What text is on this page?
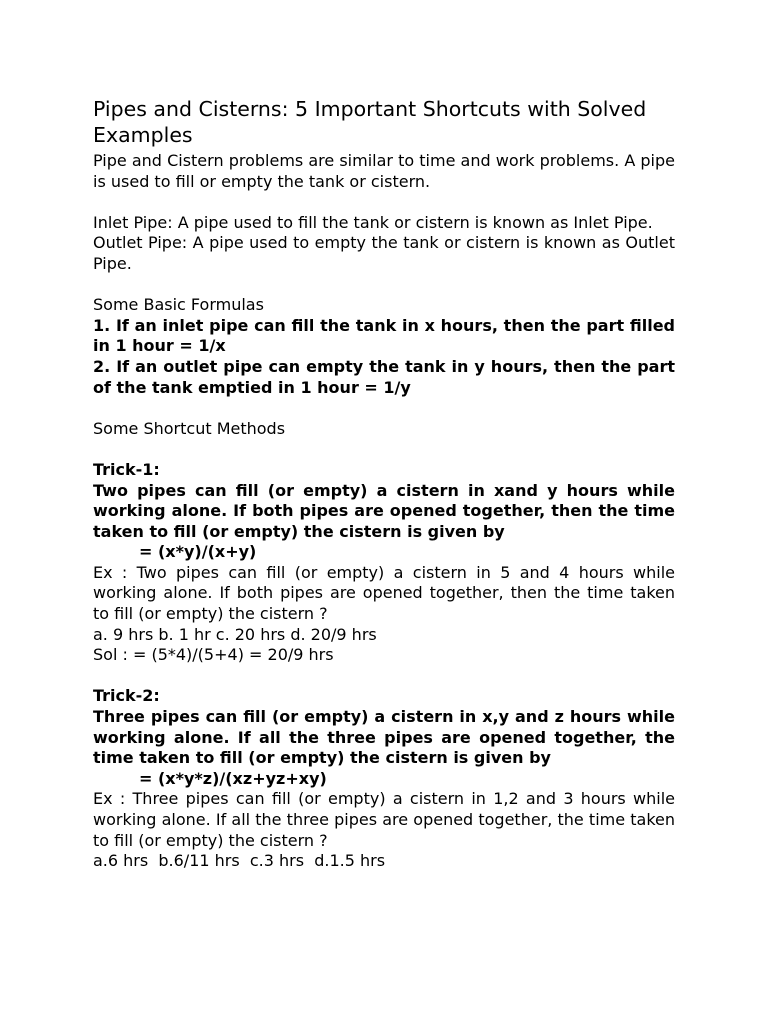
Pipes and Cisterns: 5 Important Shortcuts with Solved Examples

Pipe and Cistern problems are similar to time and work problems. A pipe is used to fill or empty the tank or cistern.

Inlet Pipe: A pipe used to fill the tank or cistern is known as Inlet Pipe.

Outlet Pipe: A pipe used to empty the tank or cistern is known as Outlet Pipe.

Some Basic Formulas

1. If an inlet pipe can fill the tank in x hours, then the part filled in 1 hour = 1/x

2. If an outlet pipe can empty the tank in y hours, then the part of the tank emptied in 1 hour = 1/y

Some Shortcut Methods

Trick-1:

Two pipes can fill (or empty) a cistern in xand y hours while working alone. If both pipes are opened together, then the time taken to fill (or empty) the cistern is given by

= (x*y)/(x+y)

Ex : Two pipes can fill (or empty) a cistern in 5 and 4 hours while working alone. If both pipes are opened together, then the time taken to fill (or empty) the cistern ?

a. 9 hrs b. 1 hr c. 20 hrs d. 20/9 hrs

Sol : = (5*4)/(5+4) = 20/9 hrs

Trick-2:

Three pipes can fill (or empty) a cistern in x,y and z hours while working alone. If all the three pipes are opened together, the time taken to fill (or empty) the cistern is given by

= (x*y*z)/(xz+yz+xy)

Ex : Three pipes can fill (or empty) a cistern in 1,2 and 3 hours while working alone. If all the three pipes are opened together, the time taken to fill (or empty) the cistern ?

a.6 hrs  b.6/11 hrs  c.3 hrs  d.1.5 hrs
